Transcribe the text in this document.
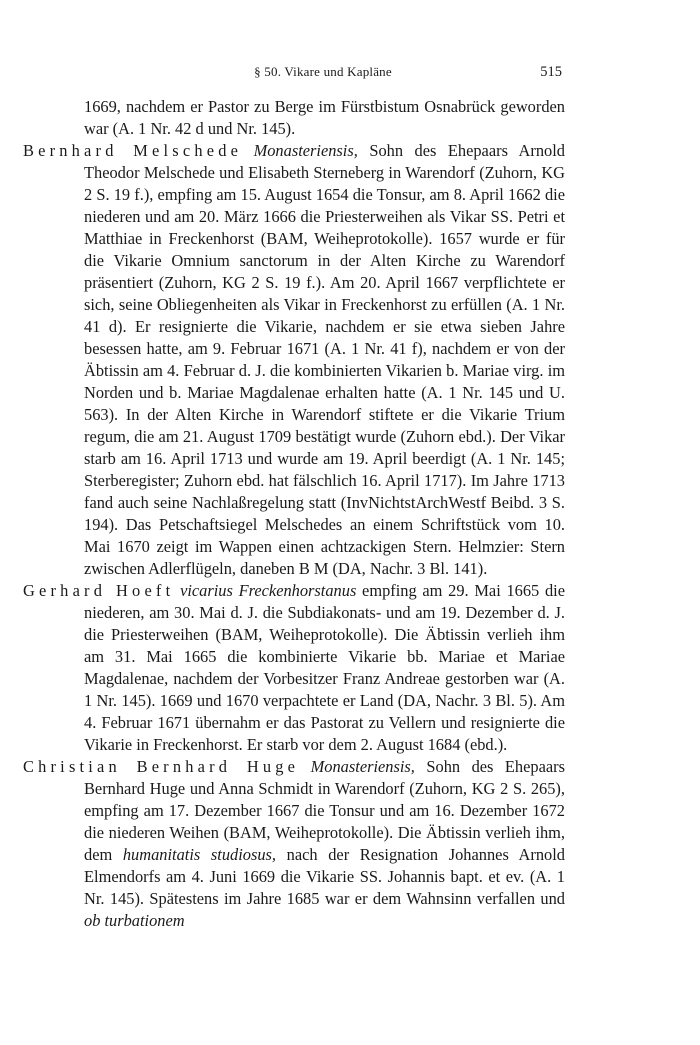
§ 50. Vikare und Kapläne	515

1669, nachdem er Pastor zu Berge im Fürstbistum Osnabrück geworden war (A. 1 Nr. 42 d und Nr. 145).

Bernhard Melschede Monasteriensis, Sohn des Ehepaars Arnold Theodor Melschede und Elisabeth Sterneberg in Warendorf (Zuhorn, KG 2 S. 19 f.), empfing am 15. August 1654 die Tonsur, am 8. April 1662 die niederen und am 20. März 1666 die Priesterweihen als Vikar SS. Petri et Matthiae in Freckenhorst (BAM, Weiheprotokolle). 1657 wurde er für die Vikarie Omnium sanctorum in der Alten Kirche zu Warendorf präsentiert (Zuhorn, KG 2 S. 19 f.). Am 20. April 1667 verpflichtete er sich, seine Obliegenheiten als Vikar in Freckenhorst zu erfüllen (A. 1 Nr. 41 d). Er resignierte die Vikarie, nachdem er sie etwa sieben Jahre besessen hatte, am 9. Februar 1671 (A. 1 Nr. 41 f), nachdem er von der Äbtissin am 4. Februar d. J. die kombinierten Vikarien b. Mariae virg. im Norden und b. Mariae Magdalenae erhalten hatte (A. 1 Nr. 145 und U. 563). In der Alten Kirche in Warendorf stiftete er die Vikarie Trium regum, die am 21. August 1709 bestätigt wurde (Zuhorn ebd.). Der Vikar starb am 16. April 1713 und wurde am 19. April beerdigt (A. 1 Nr. 145; Sterberegister; Zuhorn ebd. hat fälschlich 16. April 1717). Im Jahre 1713 fand auch seine Nachlaßregelung statt (InvNichtstArchWestf Beibd. 3 S. 194). Das Petschaftsiegel Melschedes an einem Schriftstück vom 10. Mai 1670 zeigt im Wappen einen achtzackigen Stern. Helmzier: Stern zwischen Adlerflügeln, daneben B M (DA, Nachr. 3 Bl. 141).

Gerhard Hoeft vicarius Freckenhorstanus empfing am 29. Mai 1665 die niederen, am 30. Mai d. J. die Subdiakonats- und am 19. Dezember d. J. die Priesterweihen (BAM, Weiheprotokolle). Die Äbtissin verlieh ihm am 31. Mai 1665 die kombinierte Vikarie bb. Mariae et Mariae Magdalenae, nachdem der Vorbesitzer Franz Andreae gestorben war (A. 1 Nr. 145). 1669 und 1670 verpachtete er Land (DA, Nachr. 3 Bl. 5). Am 4. Februar 1671 übernahm er das Pastorat zu Vellern und resignierte die Vikarie in Freckenhorst. Er starb vor dem 2. August 1684 (ebd.).

Christian Bernhard Huge Monasteriensis, Sohn des Ehepaars Bernhard Huge und Anna Schmidt in Warendorf (Zuhorn, KG 2 S. 265), empfing am 17. Dezember 1667 die Tonsur und am 16. Dezember 1672 die niederen Weihen (BAM, Weiheprotokolle). Die Äbtissin verlieh ihm, dem humanitatis studiosus, nach der Resignation Johannes Arnold Elmendorfs am 4. Juni 1669 die Vikarie SS. Johannis bapt. et ev. (A. 1 Nr. 145). Spätestens im Jahre 1685 war er dem Wahnsinn verfallen und ob turbationem
